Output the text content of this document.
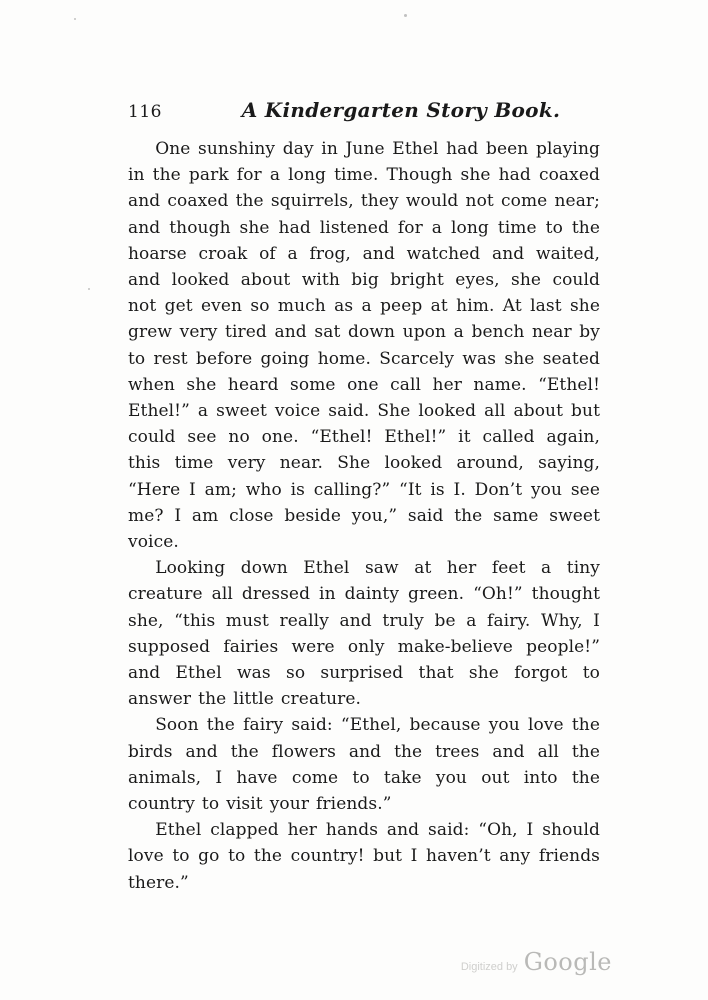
116	A Kindergarten Story Book.

One sunshiny day in June Ethel had been playing in the park for a long time. Though she had coaxed and coaxed the squirrels, they would not come near; and though she had listened for a long time to the hoarse croak of a frog, and watched and waited, and looked about with big bright eyes, she could not get even so much as a peep at him. At last she grew very tired and sat down upon a bench near by to rest before going home. Scarcely was she seated when she heard some one call her name. “Ethel! Ethel!” a sweet voice said. She looked all about but could see no one. “Ethel! Ethel!” it called again, this time very near. She looked around, saying, “Here I am; who is calling?” “It is I. Don’t you see me? I am close beside you,” said the same sweet voice.

Looking down Ethel saw at her feet a tiny creature all dressed in dainty green. “Oh!” thought she, “this must really and truly be a fairy. Why, I supposed fairies were only make-believe people!” and Ethel was so surprised that she forgot to answer the little creature.

Soon the fairy said: “Ethel, because you love the birds and the flowers and the trees and all the animals, I have come to take you out into the country to visit your friends.”

Ethel clapped her hands and said: “Oh, I should love to go to the country! but I haven’t any friends there.”

Digitized by Google
